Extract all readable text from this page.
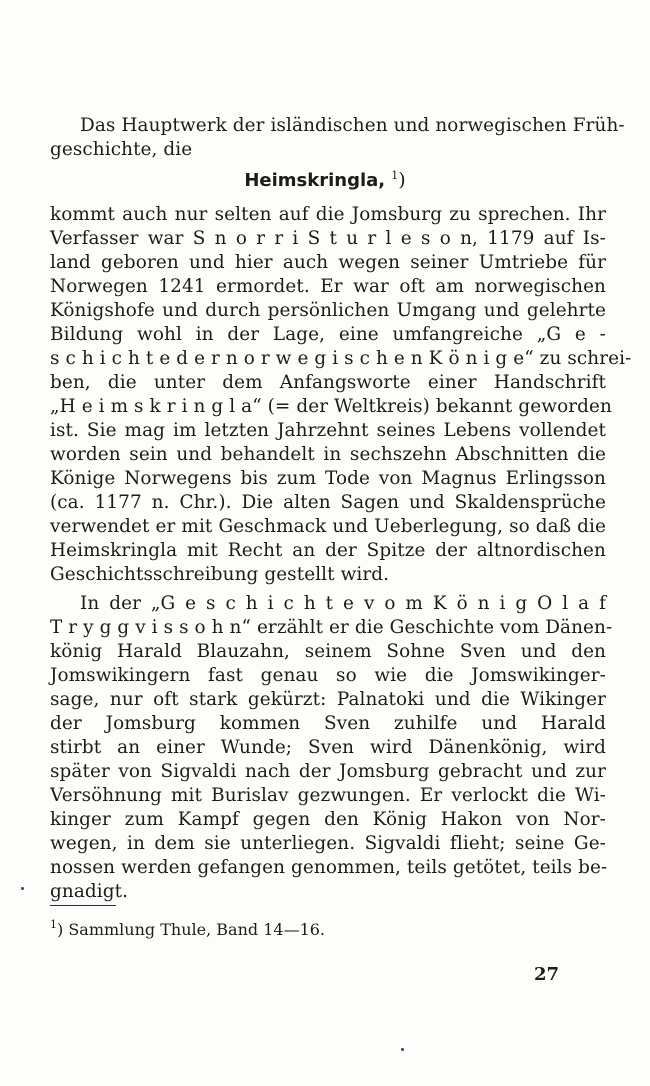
Das Hauptwerk der isländischen und norwegischen Früh-
geschichte, die
Heimskringla, $^1$)
kommt auch nur selten auf die Jomsburg zu sprechen. Ihr
Verfasser war S n o r r i S t u r l e s o n, 1179 auf Is-
land geboren und hier auch wegen seiner Umtriebe für
Norwegen 1241 ermordet. Er war oft am norwegischen
Königshofe und durch persönlichen Umgang und gelehrte
Bildung wohl in der Lage, eine umfangreiche „G e -
s c h i c h t e d e r n o r w e g i s c h e n K ö n i g e“ zu schrei-
ben, die unter dem Anfangsworte einer Handschrift
„H e i m s k r i n g l a“ (= der Weltkreis) bekannt geworden
ist. Sie mag im letzten Jahrzehnt seines Lebens vollendet
worden sein und behandelt in sechszehn Abschnitten die
Könige Norwegens bis zum Tode von Magnus Erlingsson
(ca. 1177 n. Chr.). Die alten Sagen und Skaldensprüche
verwendet er mit Geschmack und Ueberlegung, so daß die
Heimskringla mit Recht an der Spitze der altnordischen
Geschichtsschreibung gestellt wird.
In der „G e s c h i c h t e v o m K ö n i g O l a f
T r y g g v i s s o h n“ erzählt er die Geschichte vom Dänen-
könig Harald Blauzahn, seinem Sohne Sven und den
Jomswikingern fast genau so wie die Jomswikinger-
sage, nur oft stark gekürzt: Palnatoki und die Wikinger
der Jomsburg kommen Sven zuhilfe und Harald
stirbt an einer Wunde; Sven wird Dänenkönig, wird
später von Sigvaldi nach der Jomsburg gebracht und zur
Versöhnung mit Burislav gezwungen. Er verlockt die Wi-
kinger zum Kampf gegen den König Hakon von Nor-
wegen, in dem sie unterliegen. Sigvaldi flieht; seine Ge-
nossen werden gefangen genommen, teils getötet, teils be-
gnadigt.
$^1$) Sammlung Thule, Band 14—16.
27
